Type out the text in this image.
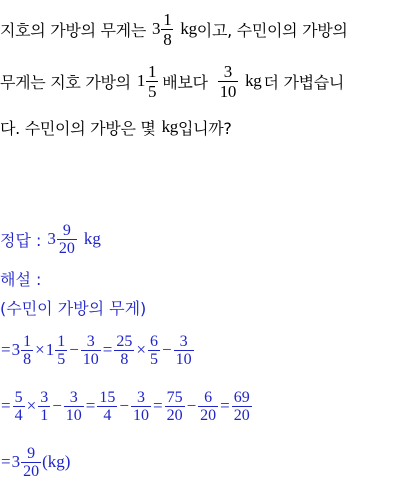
지호의 가방의 무게는 $3 \frac{1}{8}$ kg 이고, 수민이의 가방의
무게는 지호 가방의 $1 \frac{1}{5}$ 배보다 $\frac{3}{10}$ kg 더 가볍습니
다. 수민이의 가방은 몇 kg 입니까?
정답 : $3 \frac{9}{20}$ kg
해설 :
(수민이 가방의 무게)
= $3 \frac{1}{8} \times 1 \frac{1}{5} - \frac{3}{10} = \frac{25}{8} \times \frac{6}{5} - \frac{3}{10}$
= $\frac{5}{4} \times \frac{3}{1} - \frac{3}{10} = \frac{15}{4} - \frac{3}{10} = \frac{75}{20} - \frac{6}{20} = \frac{69}{20}$
= $3 \frac{9}{20} (kg)$
